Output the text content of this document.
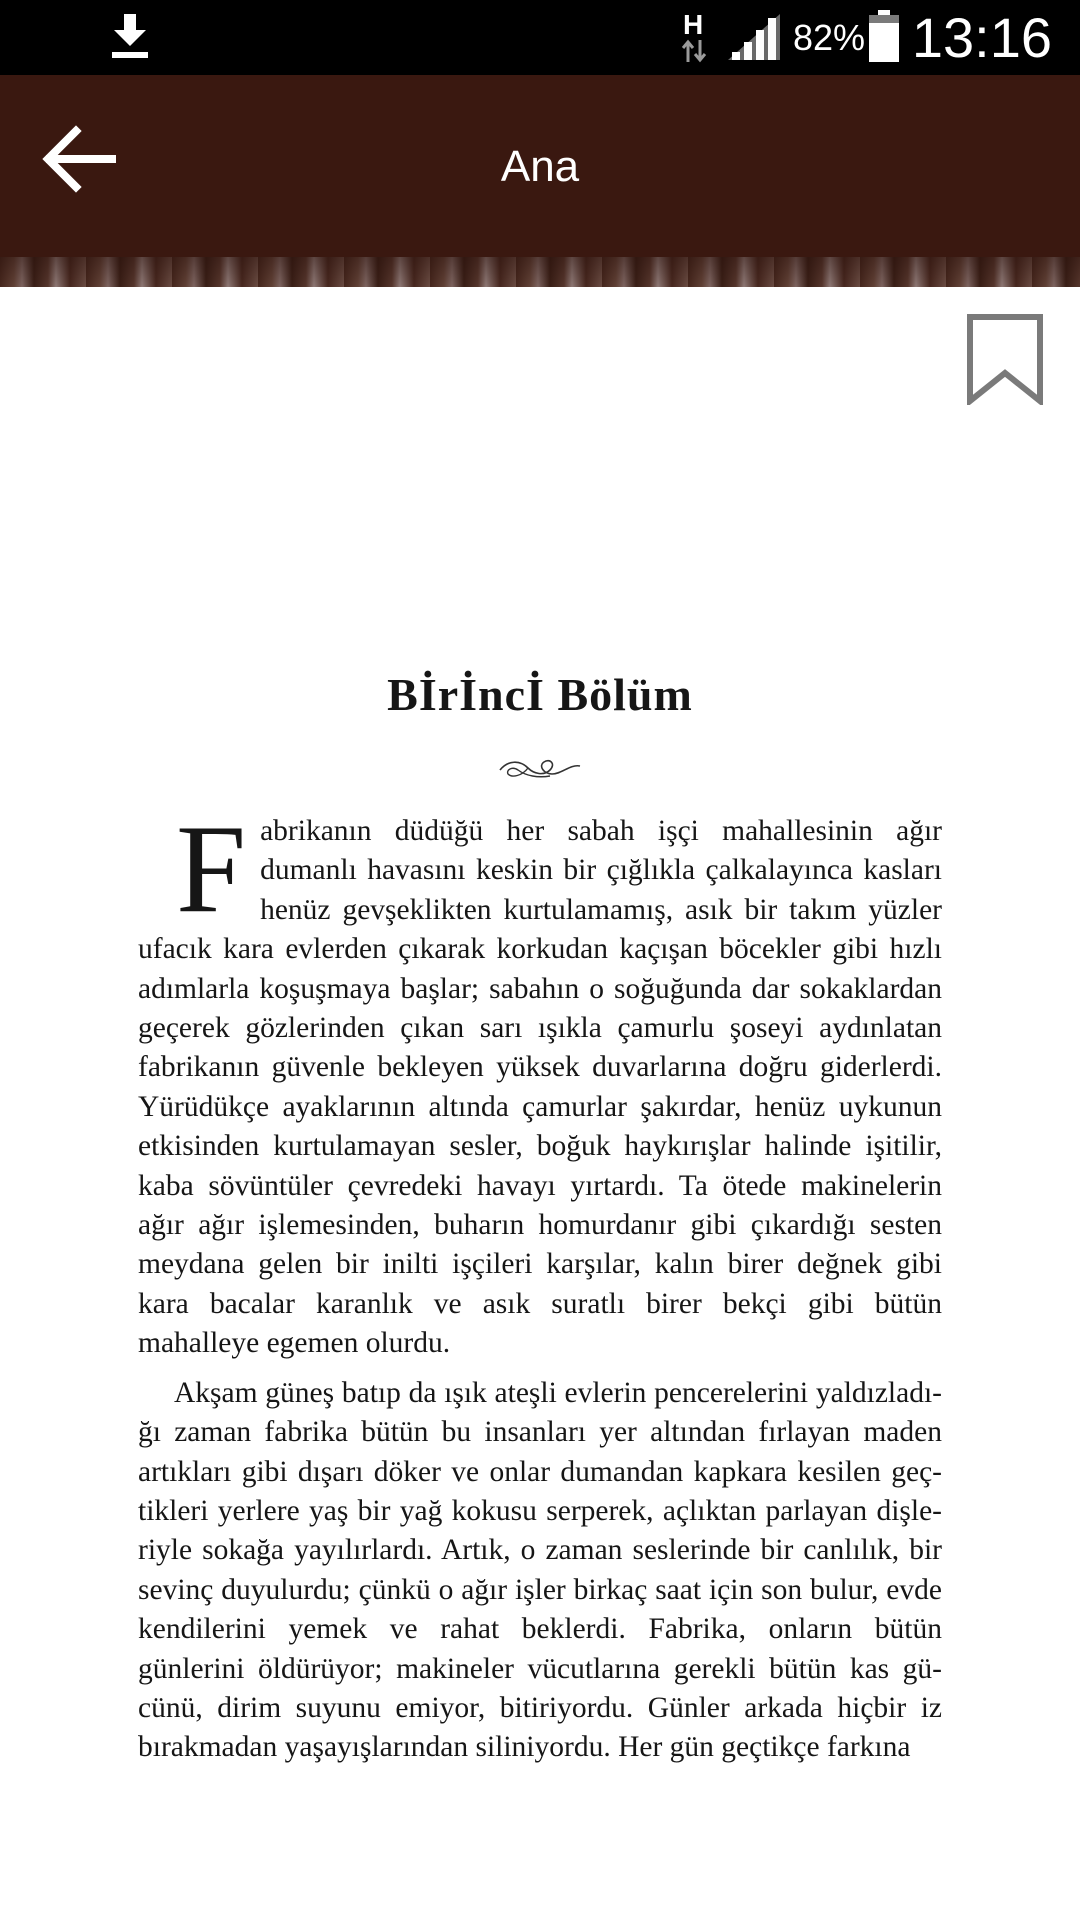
H 82% 13:16
Ana
Bİrİncİ Bölüm

Fabrikanın düdüğü her sabah işçi mahallesinin ağır dumanlı havasını keskin bir çığlıkla çalkalayınca kasları henüz gevşeklikten kurtulamamış, asık bir takım yüzler ufacık kara evlerden çıkarak korkudan kaçışan böcekler gibi hızlı adımlarla koşuşmaya başlar; sabahın o soğuğunda dar sokaklardan geçerek gözlerinden çıkan sarı ışıkla çamurlu şoseyi aydınlatan fabrikanın güvenle bekleyen yüksek duvarlarına doğru giderlerdi. Yürüdükçe ayaklarının altında çamurlar şakırdar, henüz uykunun etkisinden kurtulamayan sesler, boğuk haykırışlar halinde işitilir, kaba sövüntüler çevredeki havayı yırtardı. Ta ötede makinelerin ağır ağır işlemesinden, buharın homurdanır gibi çıkardığı sesten meydana gelen bir inilti işçileri karşılar, kalın birer değnek gibi kara bacalar karanlık ve asık suratlı birer bekçi gibi bütün mahalleye egemen olurdu.

Akşam güneş batıp da ışık ateşli evlerin pencerelerini yaldızladığı zaman fabrika bütün bu insanları yer altından fırlayan maden artıkları gibi dışarı döker ve onlar dumandan kapkara kesilen geçtikleri yerlere yaş bir yağ kokusu serperek, açlıktan parlayan dişleriyle sokağa yayılırlardı. Artık, o zaman seslerinde bir canlılık, bir sevinç duyulurdu; çünkü o ağır işler birkaç saat için son bulur, evde kendilerini yemek ve rahat beklerdi. Fabrika, onların bütün günlerini öldürüyor; makineler vücutlarına gerekli bütün kas gücünü, dirim suyunu emiyor, bitiriyordu. Günler arkada hiçbir iz bırakmadan yaşayışlarından siliniyordu. Her gün geçtikçe farkına
